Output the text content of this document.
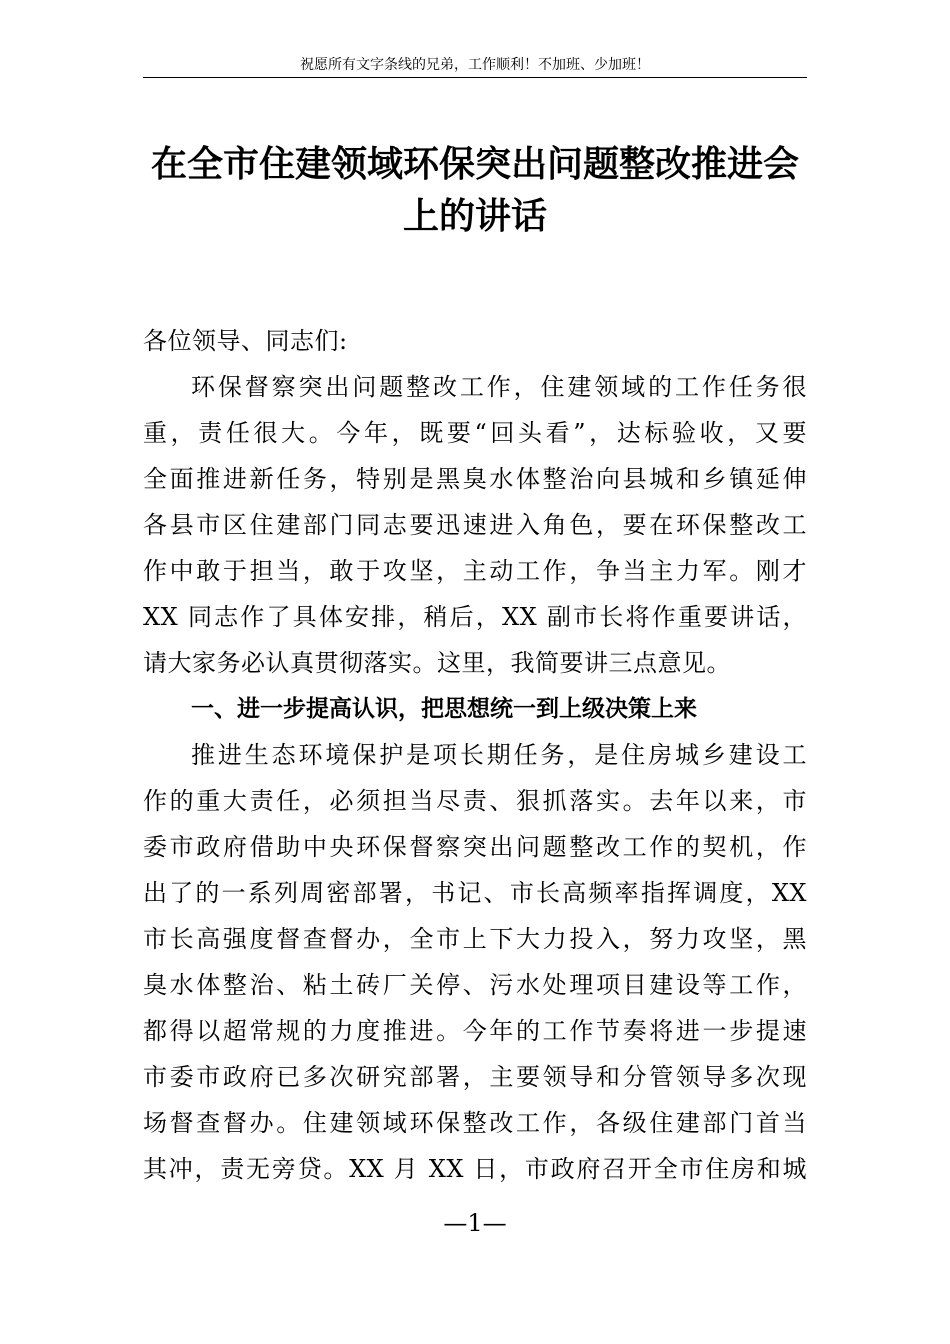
祝愿所有文字条线的兄弟，工作顺利！不加班、少加班！
在全市住建领域环保突出问题整改推进会
上的讲话
各位领导、同志们:
环保督察突出问题整改工作，住建领域的工作任务很
重，责任很大。今年，既要“回头看”，达标验收，又要
全面推进新任务，特别是黑臭水体整治向县城和乡镇延伸
各县市区住建部门同志要迅速进入角色，要在环保整改工
作中敢于担当，敢于攻坚，主动工作，争当主力军。刚才
XX 同志作了具体安排，稍后，XX 副市长将作重要讲话，
请大家务必认真贯彻落实。这里，我简要讲三点意见。
一、进一步提高认识，把思想统一到上级决策上来
推进生态环境保护是项长期任务，是住房城乡建设工
作的重大责任，必须担当尽责、狠抓落实。去年以来，市
委市政府借助中央环保督察突出问题整改工作的契机，作
出了的一系列周密部署，书记、市长高频率指挥调度，XX
市长高强度督查督办，全市上下大力投入，努力攻坚，黑
臭水体整治、粘土砖厂关停、污水处理项目建设等工作，
都得以超常规的力度推进。今年的工作节奏将进一步提速
市委市政府已多次研究部署，主要领导和分管领导多次现
场督查督办。住建领域环保整改工作，各级住建部门首当
其冲，责无旁贷。XX 月 XX 日，市政府召开全市住房和城
—1—
